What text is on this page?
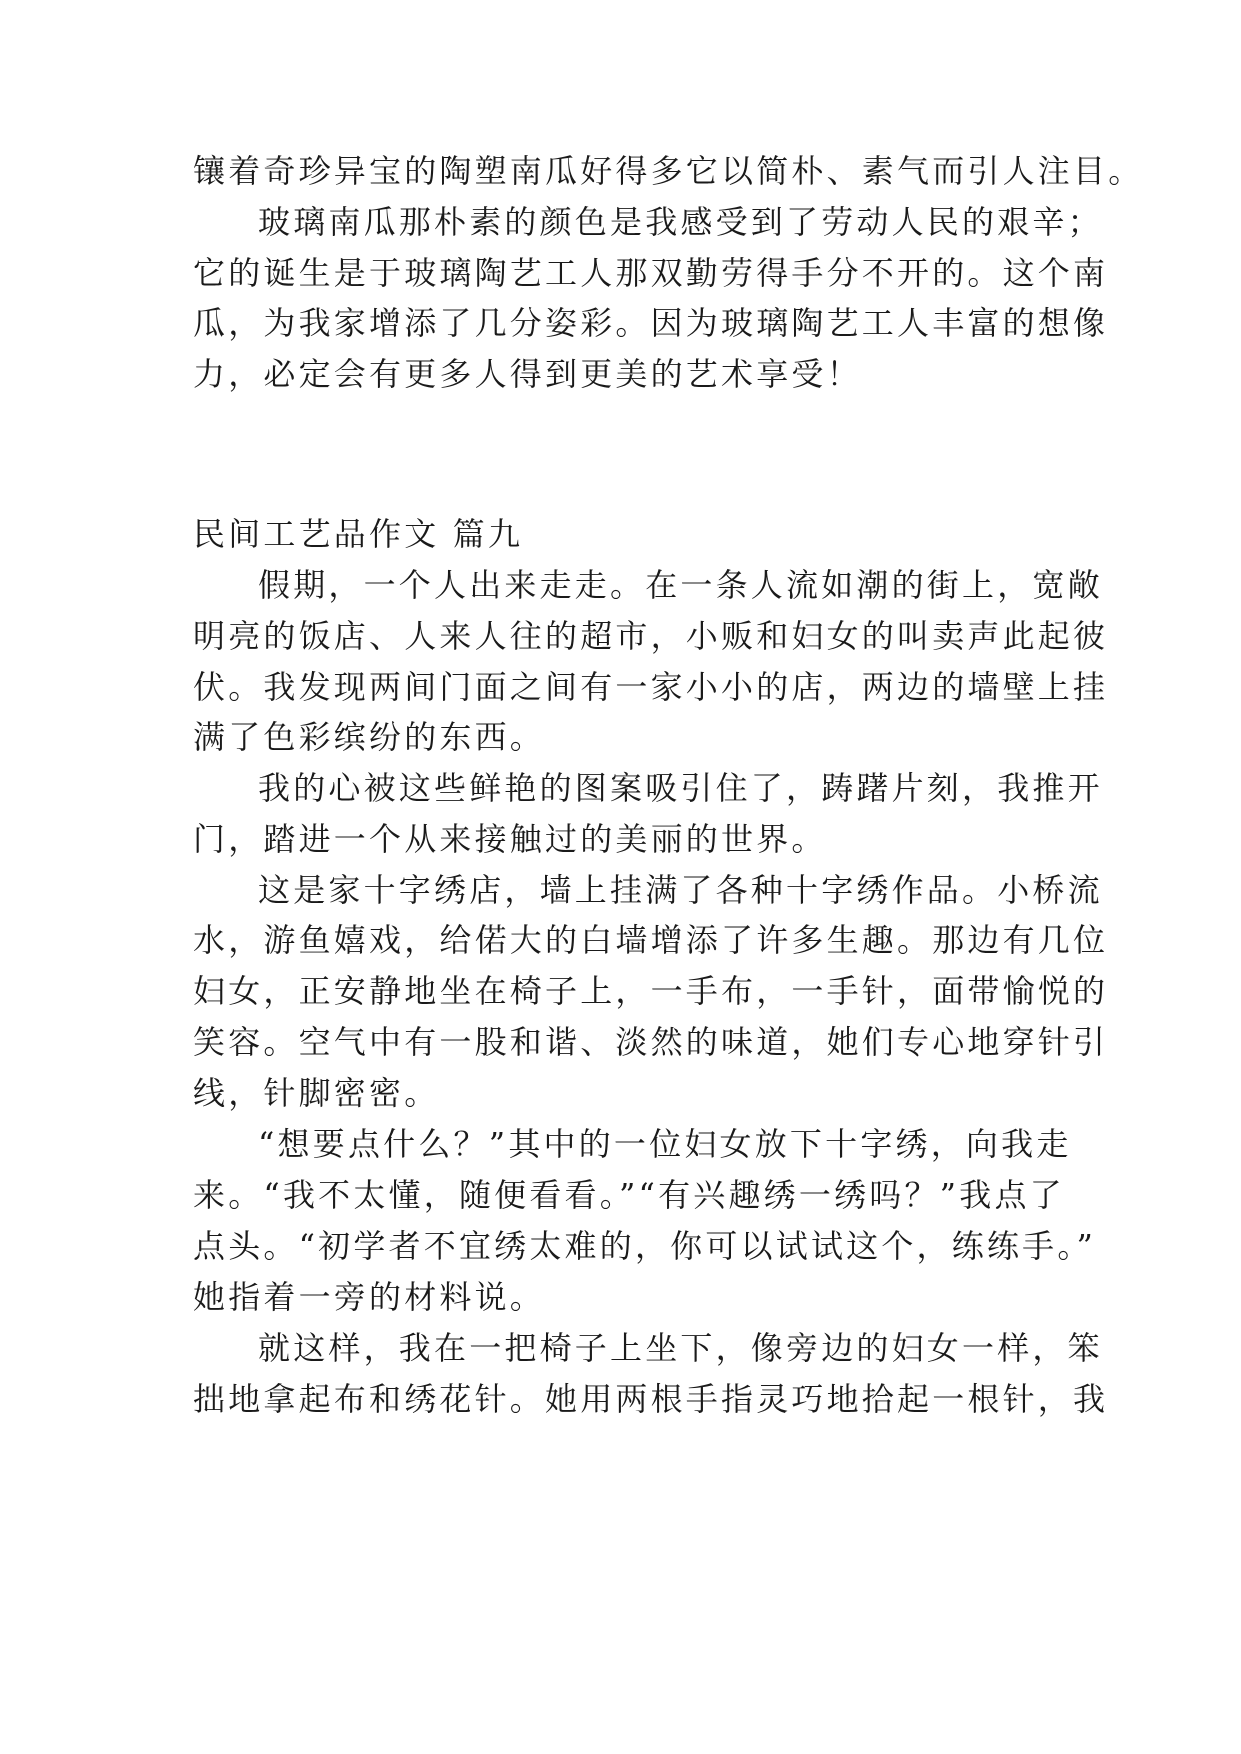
镶着奇珍异宝的陶塑南瓜好得多它以简朴、素气而引人注目。
玻璃南瓜那朴素的颜色是我感受到了劳动人民的艰辛；
它的诞生是于玻璃陶艺工人那双勤劳得手分不开的。这个南
瓜，为我家增添了几分姿彩。因为玻璃陶艺工人丰富的想像
力，必定会有更多人得到更美的艺术享受！
民间工艺品作文 篇九
假期，一个人出来走走。在一条人流如潮的街上，宽敞
明亮的饭店、人来人往的超市，小贩和妇女的叫卖声此起彼
伏。我发现两间门面之间有一家小小的店，两边的墙壁上挂
满了色彩缤纷的东西。
我的心被这些鲜艳的图案吸引住了，踌躇片刻，我推开
门，踏进一个从来接触过的美丽的世界。
这是家十字绣店，墙上挂满了各种十字绣作品。小桥流
水，游鱼嬉戏，给偌大的白墙增添了许多生趣。那边有几位
妇女，正安静地坐在椅子上，一手布，一手针，面带愉悦的
笑容。空气中有一股和谐、淡然的味道，她们专心地穿针引
线，针脚密密。
“想要点什么？”其中的一位妇女放下十字绣，向我走
来。“我不太懂，随便看看。”“有兴趣绣一绣吗？”我点了
点头。“初学者不宜绣太难的，你可以试试这个，练练手。”
她指着一旁的材料说。
就这样，我在一把椅子上坐下，像旁边的妇女一样，笨
拙地拿起布和绣花针。她用两根手指灵巧地拾起一根针，我
